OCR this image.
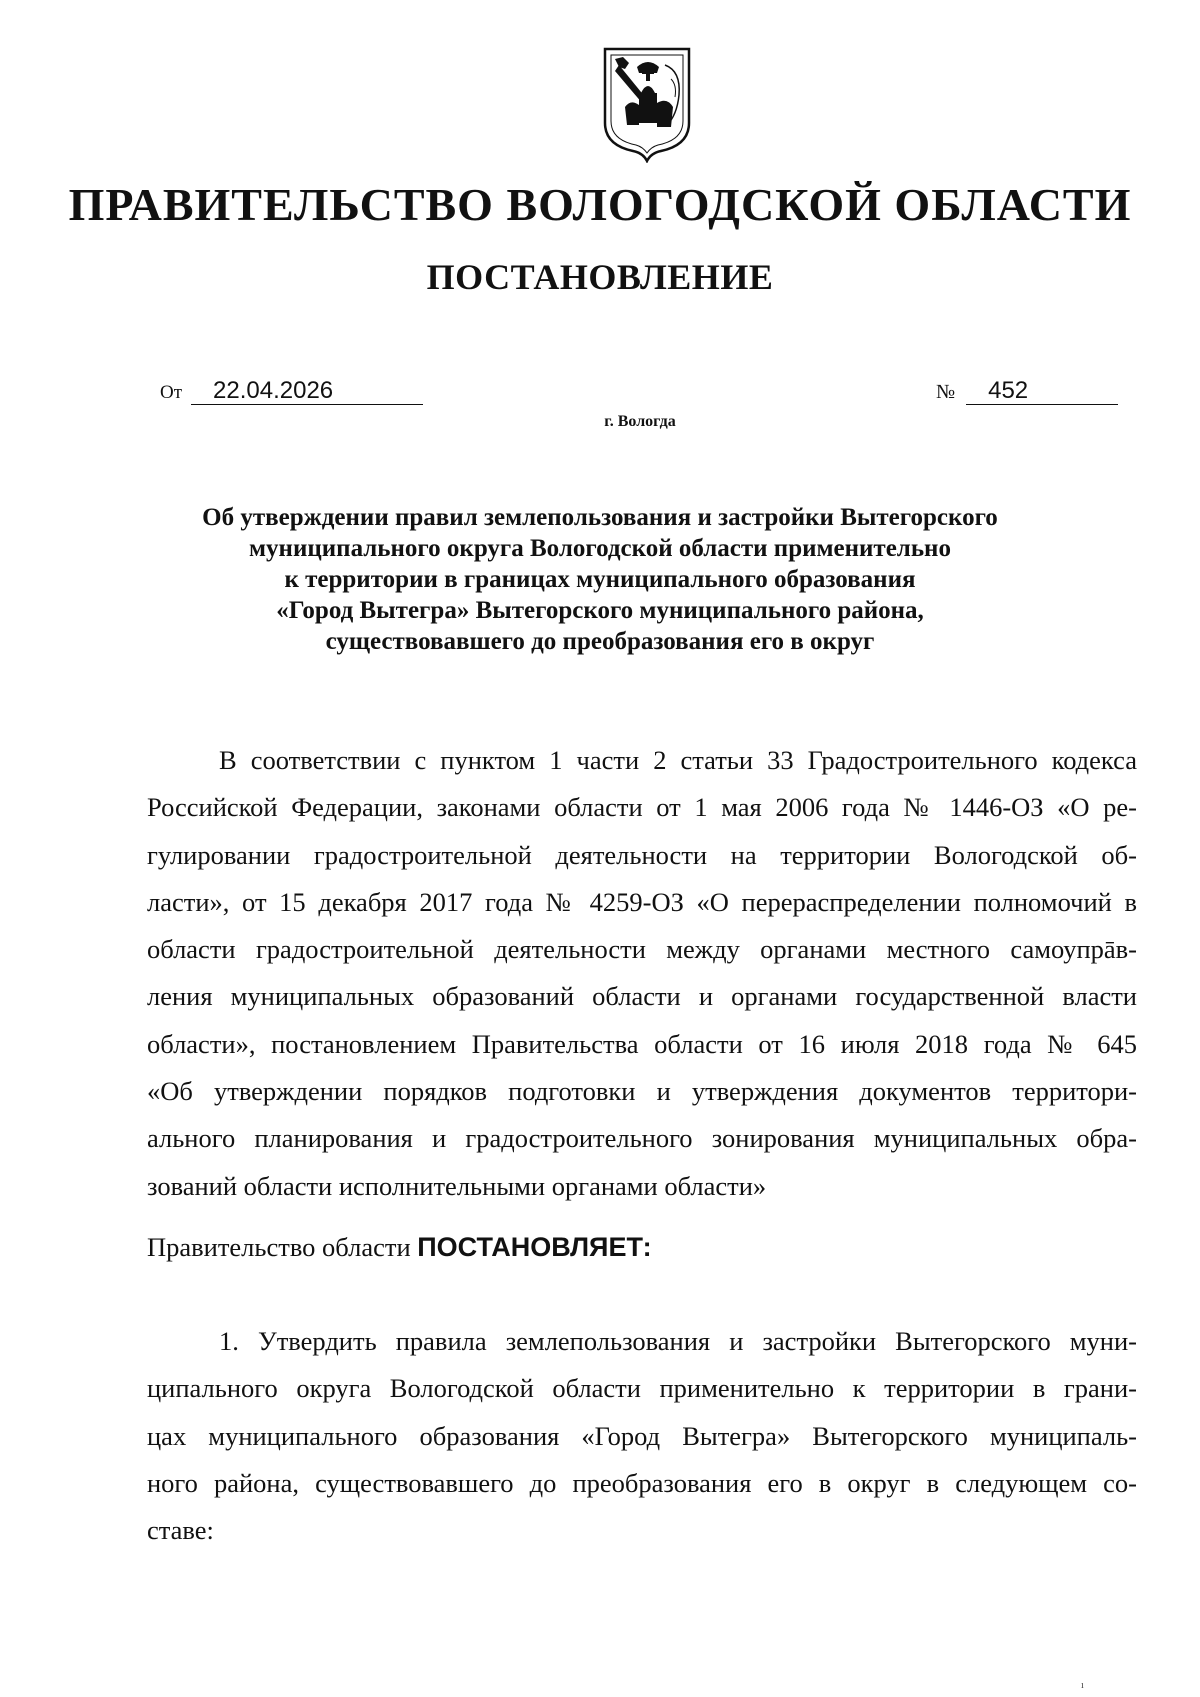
ПРАВИТЕЛЬСТВО ВОЛОГОДСКОЙ ОБЛАСТИ
ПОСТАНОВЛЕНИЕ
От 22.04.2026	№ 452
г. Вологда
Об утверждении правил землепользования и застройки Вытегорского
муниципального округа Вологодской области применительно
к территории в границах муниципального образования
«Город Вытегра» Вытегорского муниципального района,
существовавшего до преобразования его в округ
В соответствии с пунктом 1 части 2 статьи 33 Градостроительного кодекса
Российской Федерации, законами области от 1 мая 2006 года № 1446-ОЗ «О ре-
гулировании градостроительной деятельности на территории Вологодской об-
ласти», от 15 декабря 2017 года № 4259-ОЗ «О перераспределении полномочий в
области градостроительной деятельности между органами местного самоупрāв-
ления муниципальных образований области и органами государственной власти
области», постановлением Правительства области от 16 июля 2018 года № 645
«Об утверждении порядков подготовки и утверждения документов территори-
ального планирования и градостроительного зонирования муниципальных обра-
зований области исполнительными органами области»
Правительство области ПОСТАНОВЛЯЕТ:
1. Утвердить правила землепользования и застройки Вытегорского муни-
ципального округа Вологодской области применительно к территории в грани-
цах муниципального образования «Город Вытегра» Вытегорского муниципаль-
ного района, существовавшего до преобразования его в округ в следующем со-
ставе:
ı
